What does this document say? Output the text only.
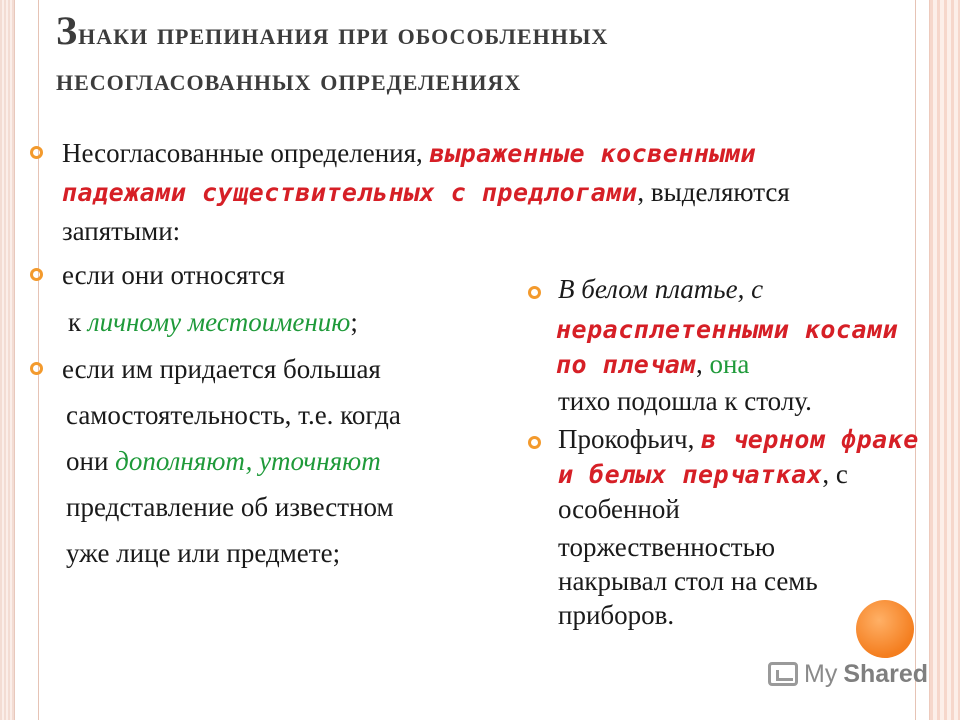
Знаки препинания при обособленных
несогласованных определениях
Несогласованные определения, выраженные косвенными падежами существительных с предлогами, выделяются запятыми:
если они относятся
к личному местоимению;
если им придается большая
самостоятельность, т.е. когда
они дополняют, уточняют
представление об известном
уже лице или предмете;
В белом платье, с
нерасплетенными косами по плечам, она
тихо подошла к столу.
Прокофьич, в черном фраке и белых перчатках, с особенной
торжественностью
накрывал стол на семь
приборов.
My Shared
